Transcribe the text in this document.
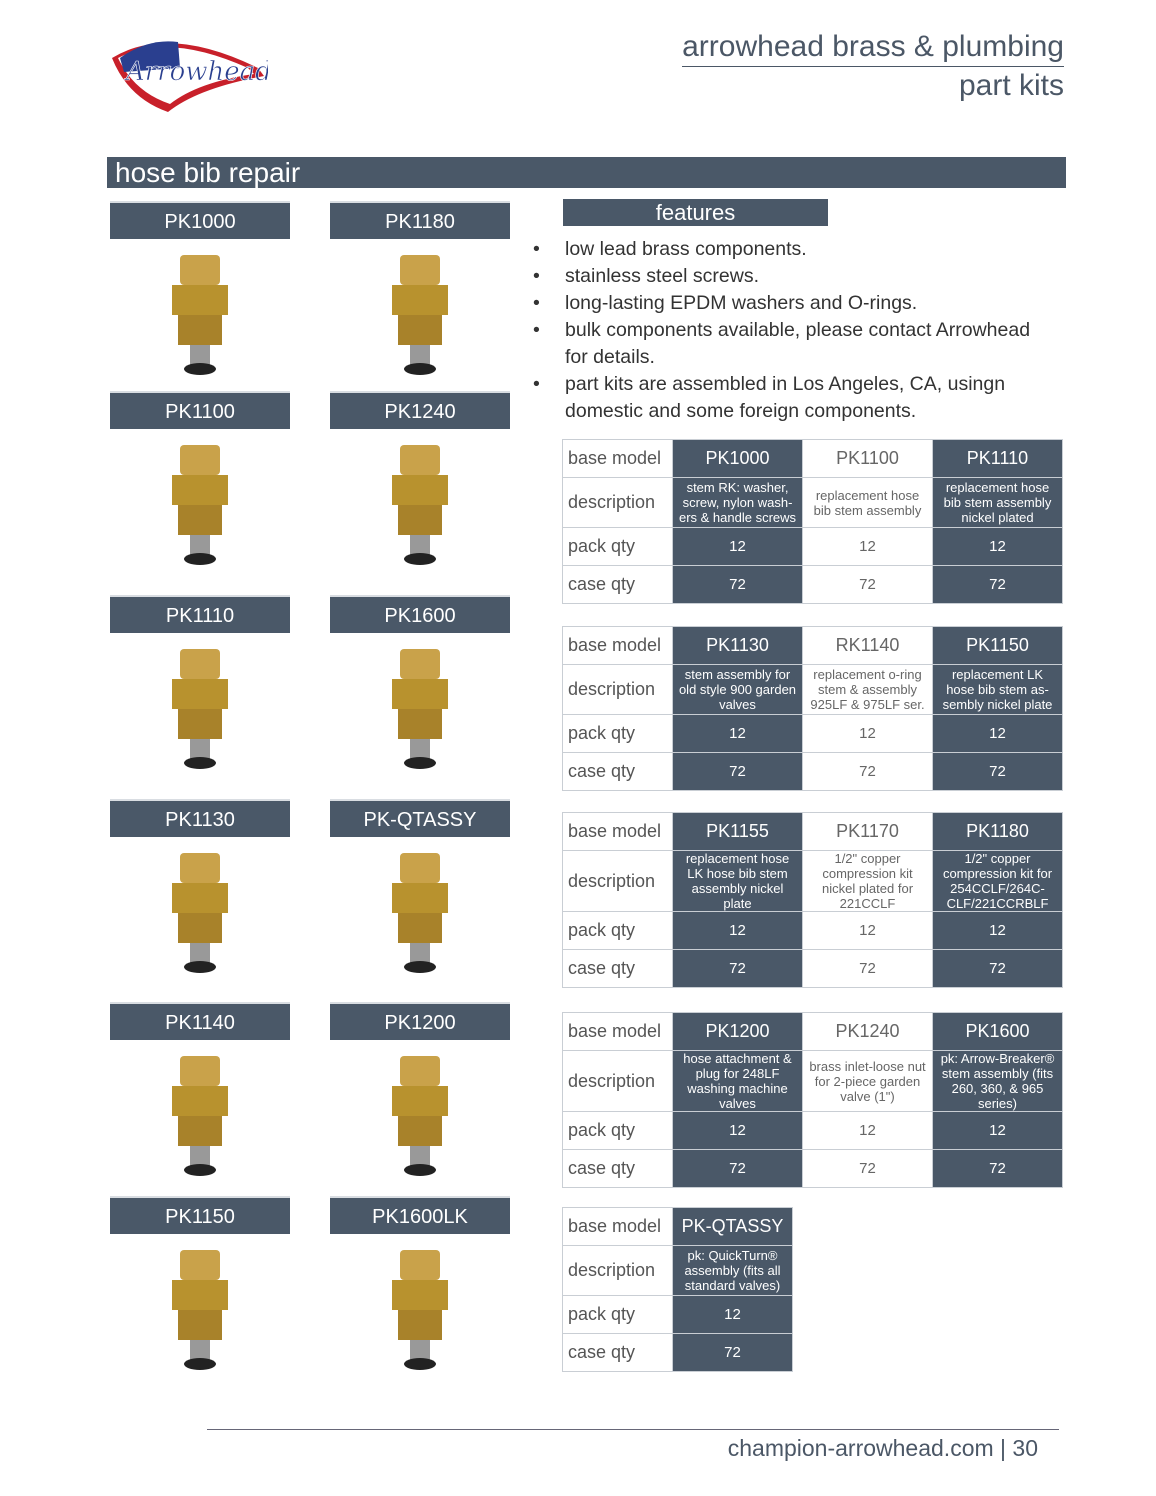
Arrowhead
arrowhead brass & plumbing
part kits
hose bib repair
PK1000	PK1180
PK1100	PK1240
PK1110	PK1600
PK1130	PK-QTASSY
PK1140	PK1200
PK1150	PK1600LK
features
• low lead brass components.
• stainless steel screws.
• long-lasting EPDM washers and O-rings.
• bulk components available, please contact Arrowhead for details.
• part kits are assembled in Los Angeles, CA, usingn domestic and some foreign components.
base model	PK1000	PK1100	PK1110
description	stem RK: washer, screw, nylon wash-ers & handle screws	replacement hose bib stem assembly	replacement hose bib stem assembly nickel plated
pack qty	12	12	12
case qty	72	72	72
base model	PK1130	RK1140	PK1150
description	stem assembly for old style 900 garden valves	replacement o-ring stem & assembly 925LF & 975LF ser.	replacement LK hose bib stem as-sembly nickel plate
pack qty	12	12	12
case qty	72	72	72
base model	PK1155	PK1170	PK1180
description	replacement hose LK hose bib stem assembly nickel plate	1/2" copper compression kit nickel plated for 221CCLF	1/2" copper compression kit for 254CCLF/264C-CLF/221CCRBLF
pack qty	12	12	12
case qty	72	72	72
base model	PK1200	PK1240	PK1600
description	hose attachment & plug for 248LF washing machine valves	brass inlet-loose nut for 2-piece garden valve (1")	pk: Arrow-Breaker® stem assembly (fits 260, 360, & 965 series)
pack qty	12	12	12
case qty	72	72	72
base model	PK-QTASSY
description	pk: QuickTurn® assembly (fits all standard valves)
pack qty	12
case qty	72
champion-arrowhead.com | 30
